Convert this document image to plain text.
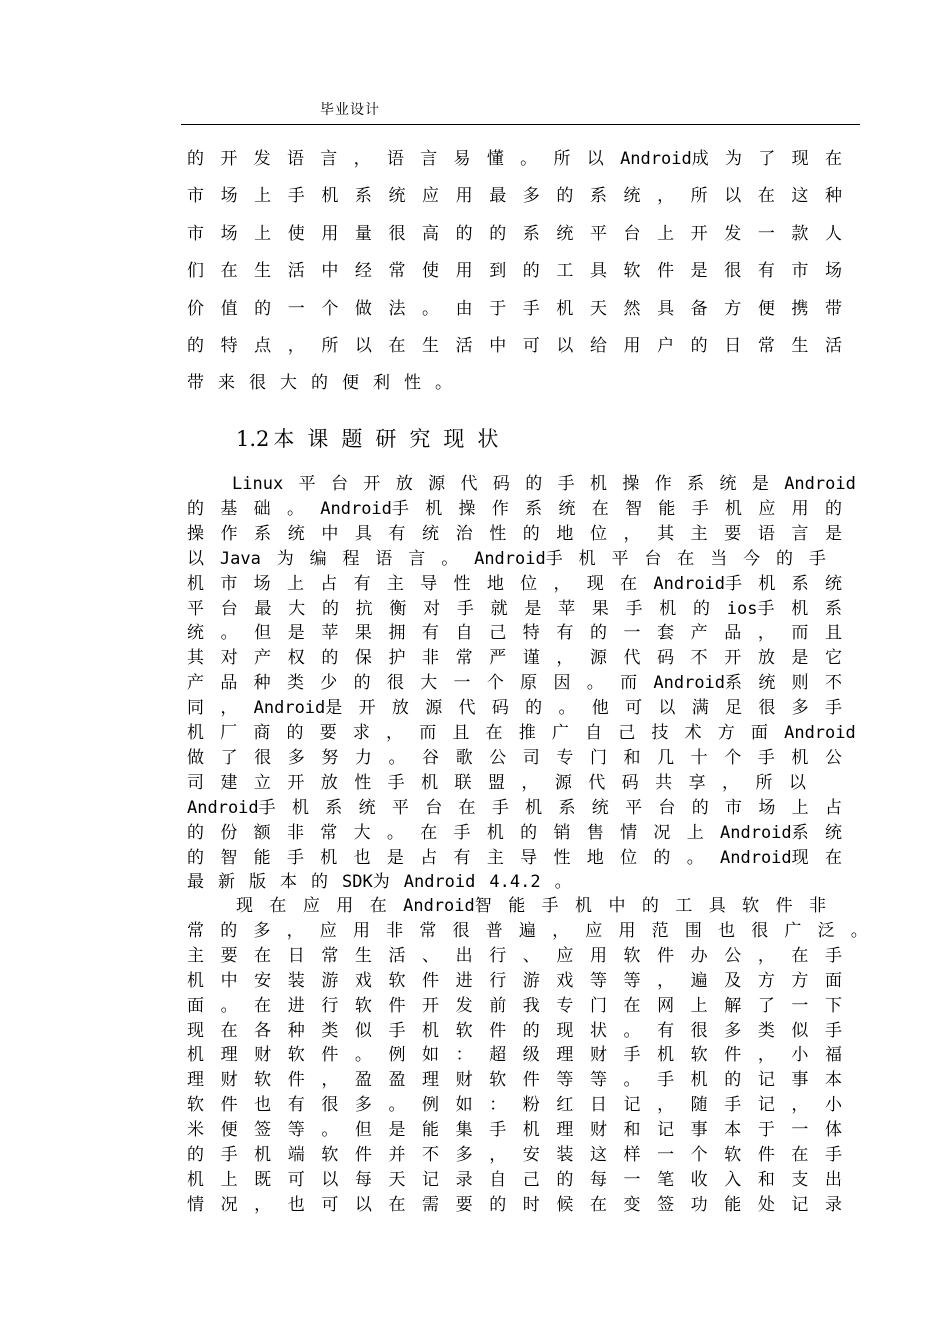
毕业设计
的 开 发 语 言 ， 语 言 易 懂 。 所 以 Android成 为 了 现 在
市 场 上 手 机 系 统 应 用 最 多 的 系 统 ， 所 以 在 这 种
市 场 上 使 用 量 很 高 的 的 系 统 平 台 上 开 发 一 款 人
们 在 生 活 中 经 常 使 用 到 的 工 具 软 件 是 很 有 市 场
价 值 的 一 个 做 法 。 由 于 手 机 天 然 具 备 方 便 携 带
的 特 点 ， 所 以 在 生 活 中 可 以 给 用 户 的 日 常 生 活
带 来 很 大 的 便 利 性 。
1.2 本课题研究现状
Linux 平 台 开 放 源 代 码 的 手 机 操 作 系 统 是 Android
的 基 础 。 Android手 机 操 作 系 统 在 智 能 手 机 应 用 的
操 作 系 统 中 具 有 统 治 性 的 地 位 ， 其 主 要 语 言 是
以 Java 为 编 程 语 言 。 Android手 机 平 台 在 当 今 的 手
机 市 场 上 占 有 主 导 性 地 位 ， 现 在 Android手 机 系 统
平 台 最 大 的 抗 衡 对 手 就 是 苹 果 手 机 的 ios手 机 系
统 。 但 是 苹 果 拥 有 自 己 特 有 的 一 套 产 品 ， 而 且
其 对 产 权 的 保 护 非 常 严 谨 ， 源 代 码 不 开 放 是 它
产 品 种 类 少 的 很 大 一 个 原 因 。 而 Android系 统 则 不
同 ， Android是 开 放 源 代 码 的 。 他 可 以 满 足 很 多 手
机 厂 商 的 要 求 ， 而 且 在 推 广 自 己 技 术 方 面 Android
做 了 很 多 努 力 。 谷 歌 公 司 专 门 和 几 十 个 手 机 公
司 建 立 开 放 性 手 机 联 盟 ， 源 代 码 共 享 ， 所 以
Android手 机 系 统 平 台 在 手 机 系 统 平 台 的 市 场 上 占
的 份 额 非 常 大 。 在 手 机 的 销 售 情 况 上 Android系 统
的 智 能 手 机 也 是 占 有 主 导 性 地 位 的 。 Android现 在
最 新 版 本 的 SDK为 Android 4.4.2 。
现 在 应 用 在 Android智 能 手 机 中 的 工 具 软 件 非
常 的 多 ， 应 用 非 常 很 普 遍 ， 应 用 范 围 也 很 广 泛 。
主 要 在 日 常 生 活 、 出 行 、 应 用 软 件 办 公 ， 在 手
机 中 安 装 游 戏 软 件 进 行 游 戏 等 等 ， 遍 及 方 方 面
面 。 在 进 行 软 件 开 发 前 我 专 门 在 网 上 解 了 一 下
现 在 各 种 类 似 手 机 软 件 的 现 状 。 有 很 多 类 似 手
机 理 财 软 件 。 例 如 ： 超 级 理 财 手 机 软 件 ， 小 福
理 财 软 件 ， 盈 盈 理 财 软 件 等 等 。 手 机 的 记 事 本
软 件 也 有 很 多 。 例 如 ： 粉 红 日 记 ， 随 手 记 ， 小
米 便 签 等 。 但 是 能 集 手 机 理 财 和 记 事 本 于 一 体
的 手 机 端 软 件 并 不 多 ， 安 装 这 样 一 个 软 件 在 手
机 上 既 可 以 每 天 记 录 自 己 的 每 一 笔 收 入 和 支 出
情 况 ， 也 可 以 在 需 要 的 时 候 在 变 签 功 能 处 记 录
